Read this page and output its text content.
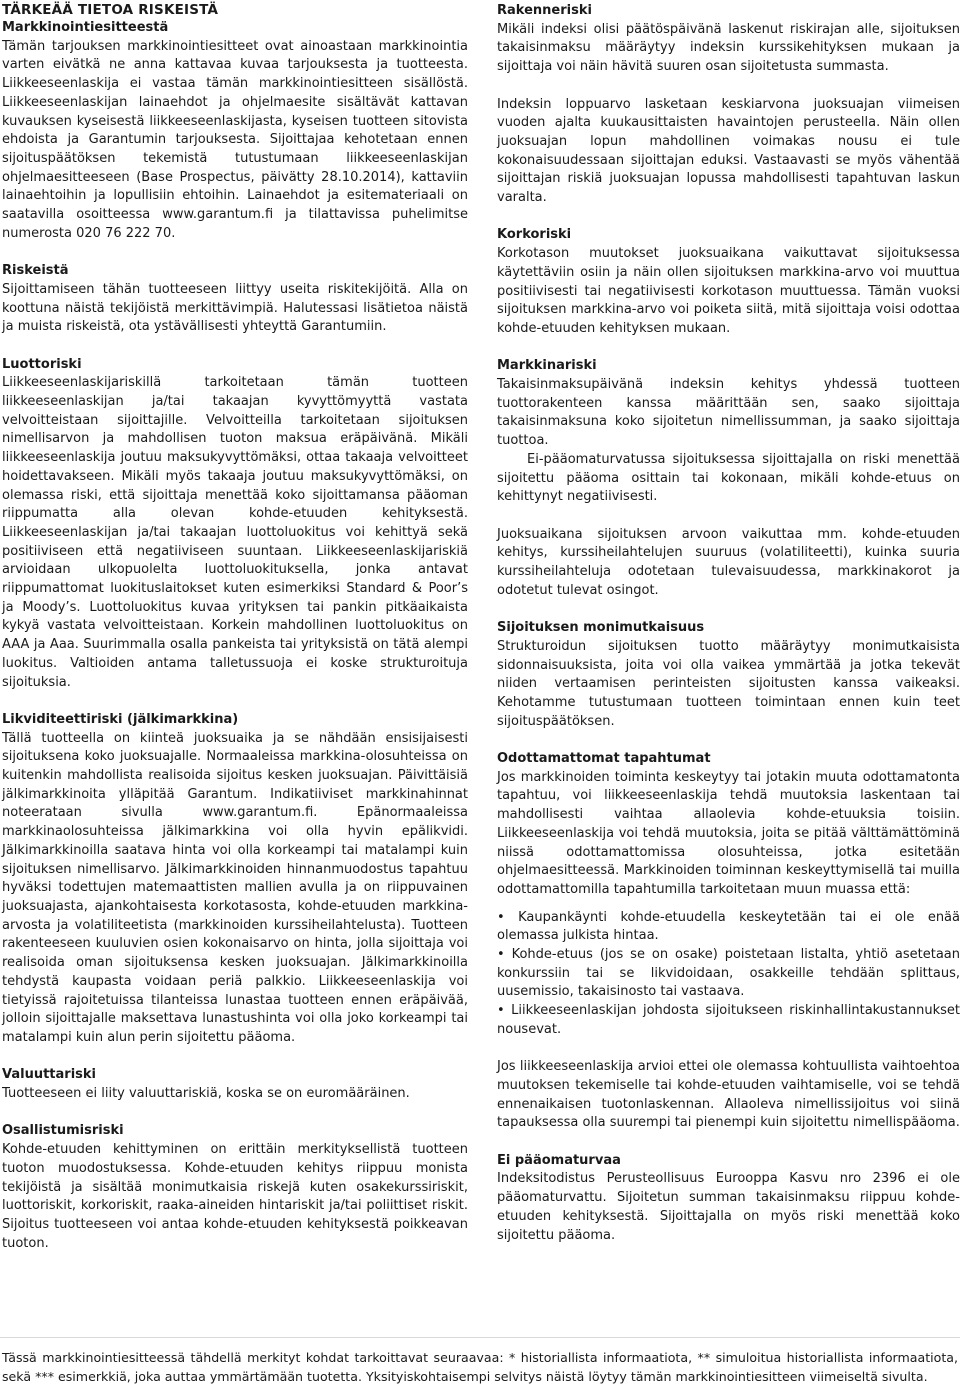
TÄRKEÄÄ TIETOA RISKEISTÄ
Markkinointiesitteestä

Tämän tarjouksen markkinointiesitteet ovat ainoastaan markkinointia varten eivätkä ne anna kattavaa kuvaa tarjouksesta ja tuotteesta. Liikkeeseenlaskija ei vastaa tämän markkinointiesitteen sisällöstä. Liikkeeseenlaskijan lainaehdot ja ohjelmaesite sisältävät kattavan kuvauksen kyseisestä liikkeeseenlaskijasta, kyseisen tuotteen sitovista ehdoista ja Garantumin tarjouksesta. Sijoittajaa kehotetaan ennen sijoituspäätöksen tekemistä tutustumaan liikkeeseenlaskijan ohjelmaesitteeseen (Base Prospectus, päivätty 28.10.2014), kattaviin lainaehtoihin ja lopullisiin ehtoihin. Lainaehdot ja esitemateriaali on saatavilla osoitteessa www.garantum.fi ja tilattavissa puhelimitse numerosta 020 76 222 70.

Riskeistä

Sijoittamiseen tähän tuotteeseen liittyy useita riskitekijöitä. Alla on koottuna näistä tekijöistä merkittävimpiä. Halutessasi lisätietoa näistä ja muista riskeistä, ota ystävällisesti yhteyttä Garantumiin.

Luottoriski

Liikkeeseenlaskijariskillä tarkoitetaan tämän tuotteen liikkeeseenlaskijan ja/tai takaajan kyvyttömyyttä vastata velvoitteistaan sijoittajille. Velvoitteilla tarkoitetaan sijoituksen nimellisarvon ja mahdollisen tuoton maksua eräpäivänä. Mikäli liikkeeseenlaskija joutuu maksukyvyttömäksi, ottaa takaaja velvoitteet hoidettavakseen. Mikäli myös takaaja joutuu maksukyvyttömäksi, on olemassa riski, että sijoittaja menettää koko sijoittamansa pääoman riippumatta alla olevan kohde-etuuden kehityksestä. Liikkeeseenlaskijan ja/tai takaajan luottoluokitus voi kehittyä sekä positiiviseen että negatiiviseen suuntaan. Liikkeeseenlaskijariskiä arvioidaan ulkopuolelta luottoluokituksella, jonka antavat riippumattomat luokituslaitokset kuten esimerkiksi Standard & Poor’s ja Moody’s. Luottoluokitus kuvaa yrityksen tai pankin pitkäaikaista kykyä vastata velvoitteistaan. Korkein mahdollinen luottoluokitus on AAA ja Aaa. Suurimmalla osalla pankeista tai yrityksistä on tätä alempi luokitus. Valtioiden antama talletussuoja ei koske strukturoituja sijoituksia.

Likviditeettiriski (jälkimarkkina)

Tällä tuotteella on kiinteä juoksuaika ja se nähdään ensisijaisesti sijoituksena koko juoksuajalle. Normaaleissa markkina-olosuhteissa on kuitenkin mahdollista realisoida sijoitus kesken juoksuajan. Päivittäisiä jälkimarkkinoita ylläpitää Garantum. Indikatiiviset markkinahinnat noteerataan sivulla www.garantum.fi. Epänormaaleissa markkinaolosuhteissa jälkimarkkina voi olla hyvin epälikvidi. Jälkimarkkinoilla saatava hinta voi olla korkeampi tai matalampi kuin sijoituksen nimellisarvo. Jälkimarkkinoiden hinnanmuodostus tapahtuu hyväksi todettujen matemaattisten mallien avulla ja on riippuvainen juoksuajasta, ajankohtaisesta korkotasosta, kohde-etuuden markkina-arvosta ja volatiliteetista (markkinoiden kurssiheilahtelusta). Tuotteen rakenteeseen kuuluvien osien kokonaisarvo on hinta, jolla sijoittaja voi realisoida oman sijoituksensa kesken juoksuajan. Jälkimarkkinoilla tehdystä kaupasta voidaan periä palkkio. Liikkeeseenlaskija voi tietyissä rajoitetuissa tilanteissa lunastaa tuotteen ennen eräpäivää, jolloin sijoittajalle maksettava lunastushinta voi olla joko korkeampi tai matalampi kuin alun perin sijoitettu pääoma.

Valuuttariski

Tuotteeseen ei liity valuuttariskiä, koska se on euromääräinen.

Osallistumisriski

Kohde-etuuden kehittyminen on erittäin merkityksellistä tuotteen tuoton muodostuksessa. Kohde-etuuden kehitys riippuu monista tekijöistä ja sisältää monimutkaisia riskejä kuten osakekurssiriskit, luottoriskit, korkoriskit, raaka-aineiden hintariskit ja/tai poliittiset riskit. Sijoitus tuotteeseen voi antaa kohde-etuuden kehityksestä poikkeavan tuoton.

Rakenneriski

Mikäli indeksi olisi päätöspäivänä laskenut riskirajan alle, sijoituksen takaisinmaksu määräytyy indeksin kurssikehityksen mukaan ja sijoittaja voi näin hävitä suuren osan sijoitetusta summasta.

Indeksin loppuarvo lasketaan keskiarvona juoksuajan viimeisen vuoden ajalta kuukausittaisten havaintojen perusteella. Näin ollen juoksuajan lopun mahdollinen voimakas nousu ei tule kokonaisuudessaan sijoittajan eduksi. Vastaavasti se myös vähentää sijoittajan riskiä juoksuajan lopussa mahdollisesti tapahtuvan laskun varalta.

Korkoriski

Korkotason muutokset juoksuaikana vaikuttavat sijoituksessa käytettäviin osiin ja näin ollen sijoituksen markkina-arvo voi muuttua positiivisesti tai negatiivisesti korkotason muuttuessa. Tämän vuoksi sijoituksen markkina-arvo voi poiketa siitä, mitä sijoittaja voisi odottaa kohde-etuuden kehityksen mukaan.

Markkinariski

Takaisinmaksupäivänä indeksin kehitys yhdessä tuotteen tuottorakenteen kanssa määrittään sen, saako sijoittaja takaisinmaksuna koko sijoitetun nimellissumman, ja saako sijoittaja tuottoa.

Ei-pääomaturvatussa sijoituksessa sijoittajalla on riski menettää sijoitettu pääoma osittain tai kokonaan, mikäli kohde-etuus on kehittynyt negatiivisesti.

Juoksuaikana sijoituksen arvoon vaikuttaa mm. kohde-etuuden kehitys, kurssiheilahtelujen suuruus (volatiliteetti), kuinka suuria kurssiheilahteluja odotetaan tulevaisuudessa, markkinakorot ja odotetut tulevat osingot.

Sijoituksen monimutkaisuus

Strukturoidun sijoituksen tuotto määräytyy monimutkaisista sidonnaisuuksista, joita voi olla vaikea ymmärtää ja jotka tekevät niiden vertaamisen perinteisten sijoitusten kanssa vaikeaksi. Kehotamme tutustumaan tuotteen toimintaan ennen kuin teet sijoituspäätöksen.

Odottamattomat tapahtumat

Jos markkinoiden toiminta keskeytyy tai jotakin muuta odottamatonta tapahtuu, voi liikkeeseenlaskija tehdä muutoksia laskentaan tai mahdollisesti vaihtaa allaolevia kohde-etuuksia toisiin. Liikkeeseenlaskija voi tehdä muutoksia, joita se pitää välttämättöminä niissä odottamattomissa olosuhteissa, jotka esitetään ohjelmaesitteessä. Markkinoiden toiminnan keskeyttymisellä tai muilla odottamattomilla tapahtumilla tarkoitetaan muun muassa että:

• Kaupankäynti kohde-etuudella keskeytetään tai ei ole enää olemassa julkista hintaa.
• Kohde-etuus (jos se on osake) poistetaan listalta, yhtiö asetetaan konkurssiin tai se likvidoidaan, osakkeille tehdään splittaus, uusemissio, takaisinosto tai vastaava.
• Liikkeeseenlaskijan johdosta sijoitukseen riskinhallintakustannukset nousevat.

Jos liikkeeseenlaskija arvioi ettei ole olemassa kohtuullista vaihtoehtoa muutoksen tekemiselle tai kohde-etuuden vaihtamiselle, voi se tehdä ennenaikaisen tuotonlaskennan. Allaoleva nimellissijoitus voi siinä tapauksessa olla suurempi tai pienempi kuin sijoitettu nimellispääoma.

Ei pääomaturvaa

Indeksitodistus Perusteollisuus Eurooppa Kasvu nro 2396 ei ole pääomaturvattu. Sijoitetun summan takaisinmaksu riippuu kohde-etuuden kehityksestä. Sijoittajalla on myös riski menettää koko sijoitettu pääoma.

Tässä markkinointiesitteessä tähdellä merkityt kohdat tarkoittavat seuraavaa: * historiallista informaatiota, ** simuloitua historiallista informaatiota, sekä *** esimerkkiä, joka auttaa ymmärtämään tuotetta. Yksityiskohtaisempi selvitys näistä löytyy tämän markkinointiesitteen viimeiseltä sivulta.
